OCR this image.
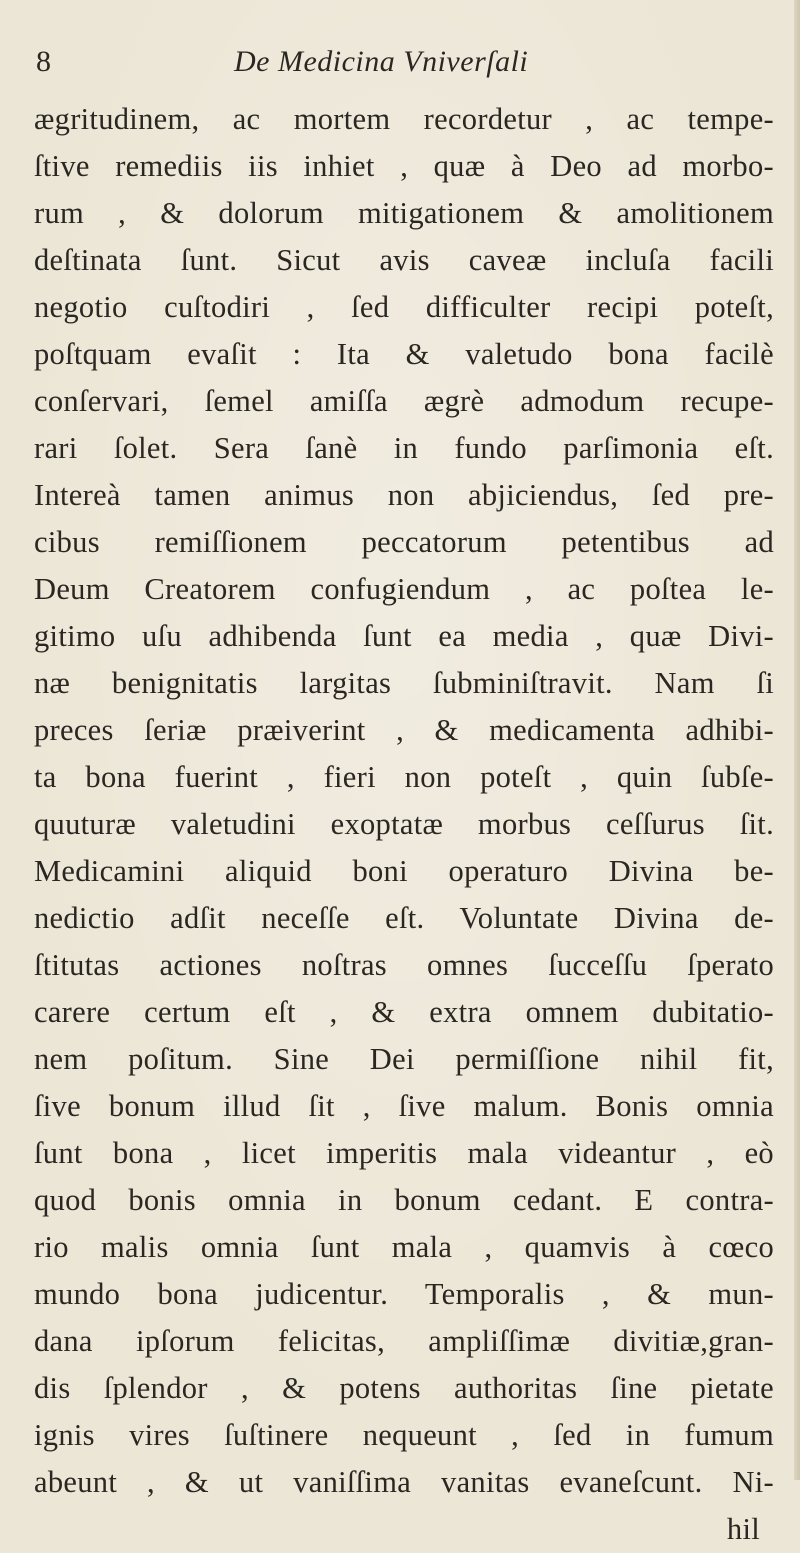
8	De Medicina Vniverſali
ægritudinem, ac mortem recordetur , ac tempe-
ſtive remediis iis inhiet , quæ à Deo ad morbo-
rum , & dolorum mitigationem & amolitionem
deſtinata ſunt. Sicut avis caveæ incluſa facili
negotio cuſtodiri , ſed difficulter recipi poteſt,
poſtquam evaſit : Ita & valetudo bona facilè
conſervari, ſemel amiſſa ægrè admodum recupe-
rari ſolet. Sera ſanè in fundo parſimonia eſt.
Intereà tamen animus non abjiciendus, ſed pre-
cibus remiſſionem peccatorum petentibus ad
Deum Creatorem confugiendum , ac poſtea le-
gitimo uſu adhibenda ſunt ea media , quæ Divi-
næ benignitatis largitas ſubminiſtravit. Nam ſi
preces ſeriæ præiverint , & medicamenta adhibi-
ta bona fuerint , fieri non poteſt , quin ſubſe-
quuturæ valetudini exoptatæ morbus ceſſurus ſit.
Medicamini aliquid boni operaturo Divina be-
nedictio adſit neceſſe eſt. Voluntate Divina de-
ſtitutas actiones noſtras omnes ſucceſſu ſperato
carere certum eſt , & extra omnem dubitatio-
nem poſitum. Sine Dei permiſſione nihil fit,
ſive bonum illud ſit , ſive malum. Bonis omnia
ſunt bona , licet imperitis mala videantur , eò
quod bonis omnia in bonum cedant. E contra-
rio malis omnia ſunt mala , quamvis à cœco
mundo bona judicentur. Temporalis , & mun-
dana ipſorum felicitas, ampliſſimæ divitiæ,gran-
dis ſplendor , & potens authoritas ſine pietate
ignis vires ſuſtinere nequeunt , ſed in fumum
abeunt , & ut vaniſſima vanitas evaneſcunt. Ni-
hil
